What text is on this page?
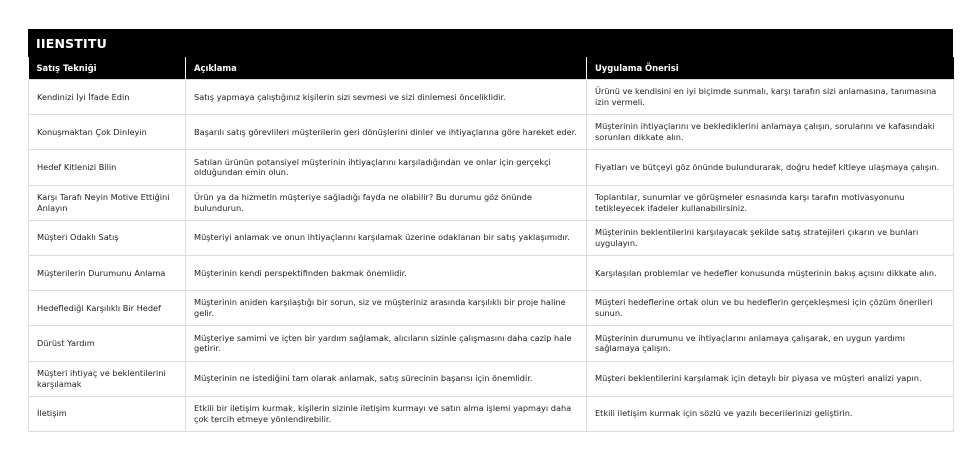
IIENSTITU
Satış Tekniği	Açıklama	Uygulama Önerisi
Kendinizi İyi İfade Edin	Satış yapmaya çalıştığınız kişilerin sizi sevmesi ve sizi dinlemesi önceliklidir.	Ürünü ve kendisini en iyi biçimde sunmalı, karşı tarafın sizi anlamasına, tanımasına izin vermeli.
Konuşmaktan Çok Dinleyin	Başarılı satış görevlileri müşterilerin geri dönüşlerini dinler ve ihtiyaçlarına göre hareket eder.	Müşterinin ihtiyaçlarını ve beklediklerini anlamaya çalışın, sorularını ve kafasındaki sorunları dikkate alın.
Hedef Kitlenizi Bilin	Satılan ürünün potansiyel müşterinin ihtiyaçlarını karşıladığından ve onlar için gerçekçi olduğundan emin olun.	Fiyatları ve bütçeyi göz önünde bulundurarak, doğru hedef kitleye ulaşmaya çalışın.
Karşı Tarafı Neyin Motive Ettiğini Anlayın	Ürün ya da hizmetin müşteriye sağladığı fayda ne olabilir? Bu durumu göz önünde bulundurun.	Toplantılar, sunumlar ve görüşmeler esnasında karşı tarafın motivasyonunu tetikleyecek ifadeler kullanabilirsiniz.
Müşteri Odaklı Satış	Müşteriyi anlamak ve onun ihtiyaçlarını karşılamak üzerine odaklanan bir satış yaklaşımıdır.	Müşterinin beklentilerini karşılayacak şekilde satış stratejileri çıkarın ve bunları uygulayın.
Müşterilerin Durumunu Anlama	Müşterinin kendi perspektifinden bakmak önemlidir.	Karşılaşılan problemlar ve hedefler konusunda müşterinin bakış açısını dikkate alın.
Hedeflediği Karşılıklı Bir Hedef	Müşterinin aniden karşılaştığı bir sorun, siz ve müşteriniz arasında karşılıklı bir proje haline gelir.	Müşteri hedeflerine ortak olun ve bu hedeflerin gerçekleşmesi için çözüm önerileri sunun.
Dürüst Yardım	Müşteriye samimi ve içten bir yardım sağlamak, alıcıların sizinle çalışmasını daha cazip hale getirir.	Müşterinin durumunu ve ihtiyaçlarını anlamaya çalışarak, en uygun yardımı sağlamaya çalışın.
Müşteri ihtiyaç ve beklentilerini karşılamak	Müşterinin ne istediğini tam olarak anlamak, satış sürecinin başarısı için önemlidir.	Müşteri beklentilerini karşılamak için detaylı bir piyasa ve müşteri analizi yapın.
İletişim	Etkili bir iletişim kurmak, kişilerin sizinle iletişim kurmayı ve satın alma işlemi yapmayı daha çok tercih etmeye yönlendirebilir.	Etkili iletişim kurmak için sözlü ve yazılı becerilerinizi geliştirin.
